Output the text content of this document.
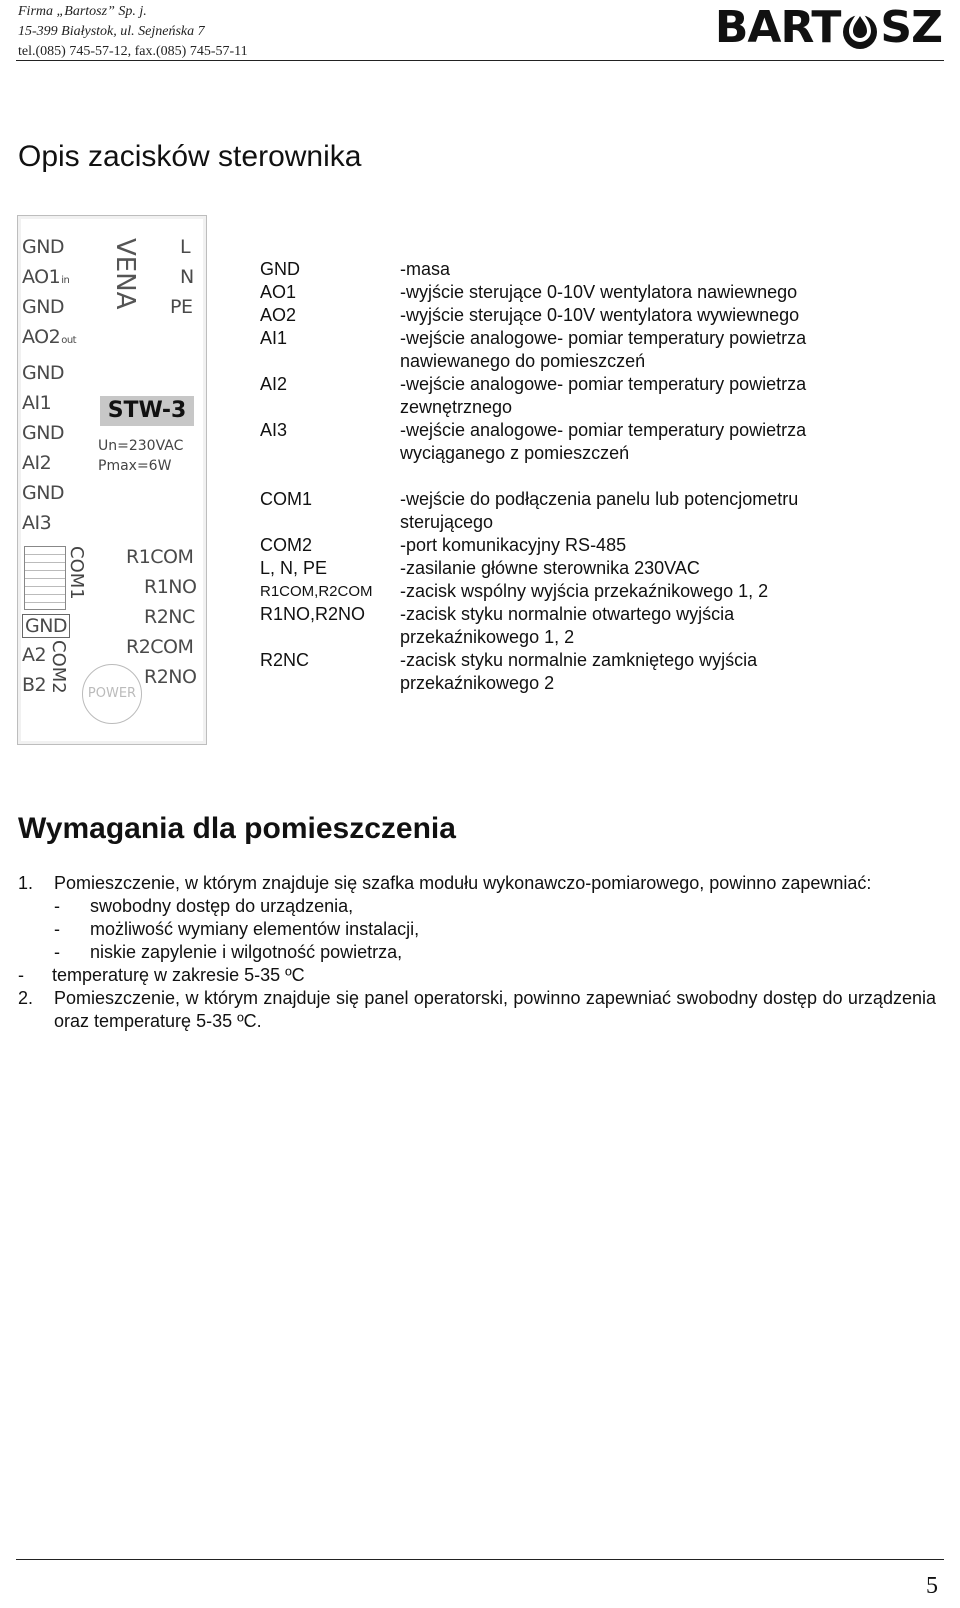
Firma „Bartosz” Sp. j.
15-399 Białystok, ul. Sejneńska 7
tel.(085) 745-57-12, fax.(085) 745-57-11	BART SZ
Opis zacisków sterownika
GND
AO1in
GND
AO2out
GND
AI1
GND
AI2
GND
AI3
L
N
PE
VENA
STW-3
Un=230VAC
Pmax=6W
COM1 R1COM
R1NO
R2NC
R2COM
R2NO
GND
A2
B2 COM2	POWER
GND	-masa
AO1	-wyjście sterujące 0-10V wentylatora nawiewnego
AO2	-wyjście sterujące 0-10V wentylatora wywiewnego
AI1	-wejście analogowe- pomiar temperatury powietrza nawiewanego do pomieszczeń
AI2	-wejście analogowe- pomiar temperatury powietrza zewnętrznego
AI3	-wejście analogowe- pomiar temperatury powietrza wyciąganego z pomieszczeń

COM1	-wejście do podłączenia panelu lub potencjometru sterującego
COM2	-port komunikacyjny RS-485
L, N, PE	-zasilanie główne sterownika 230VAC
R1COM,R2COM	-zacisk wspólny wyjścia przekaźnikowego 1, 2
R1NO,R2NO	-zacisk styku normalnie otwartego wyjścia przekaźnikowego 1, 2
R2NC	-zacisk styku normalnie zamkniętego wyjścia przekaźnikowego 2
Wymagania dla pomieszczenia
1.	Pomieszczenie, w którym znajduje się szafka modułu wykonawczo-pomiarowego, powinno zapewniać:
-	swobodny dostęp do urządzenia,
-	możliwość wymiany elementów instalacji,
-	niskie zapylenie i wilgotność powietrza,
-	temperaturę w zakresie 5-35 ºC
2.	Pomieszczenie, w którym znajduje się panel operatorski, powinno zapewniać swobodny dostęp do urządzenia oraz temperaturę 5-35 ºC.
5
